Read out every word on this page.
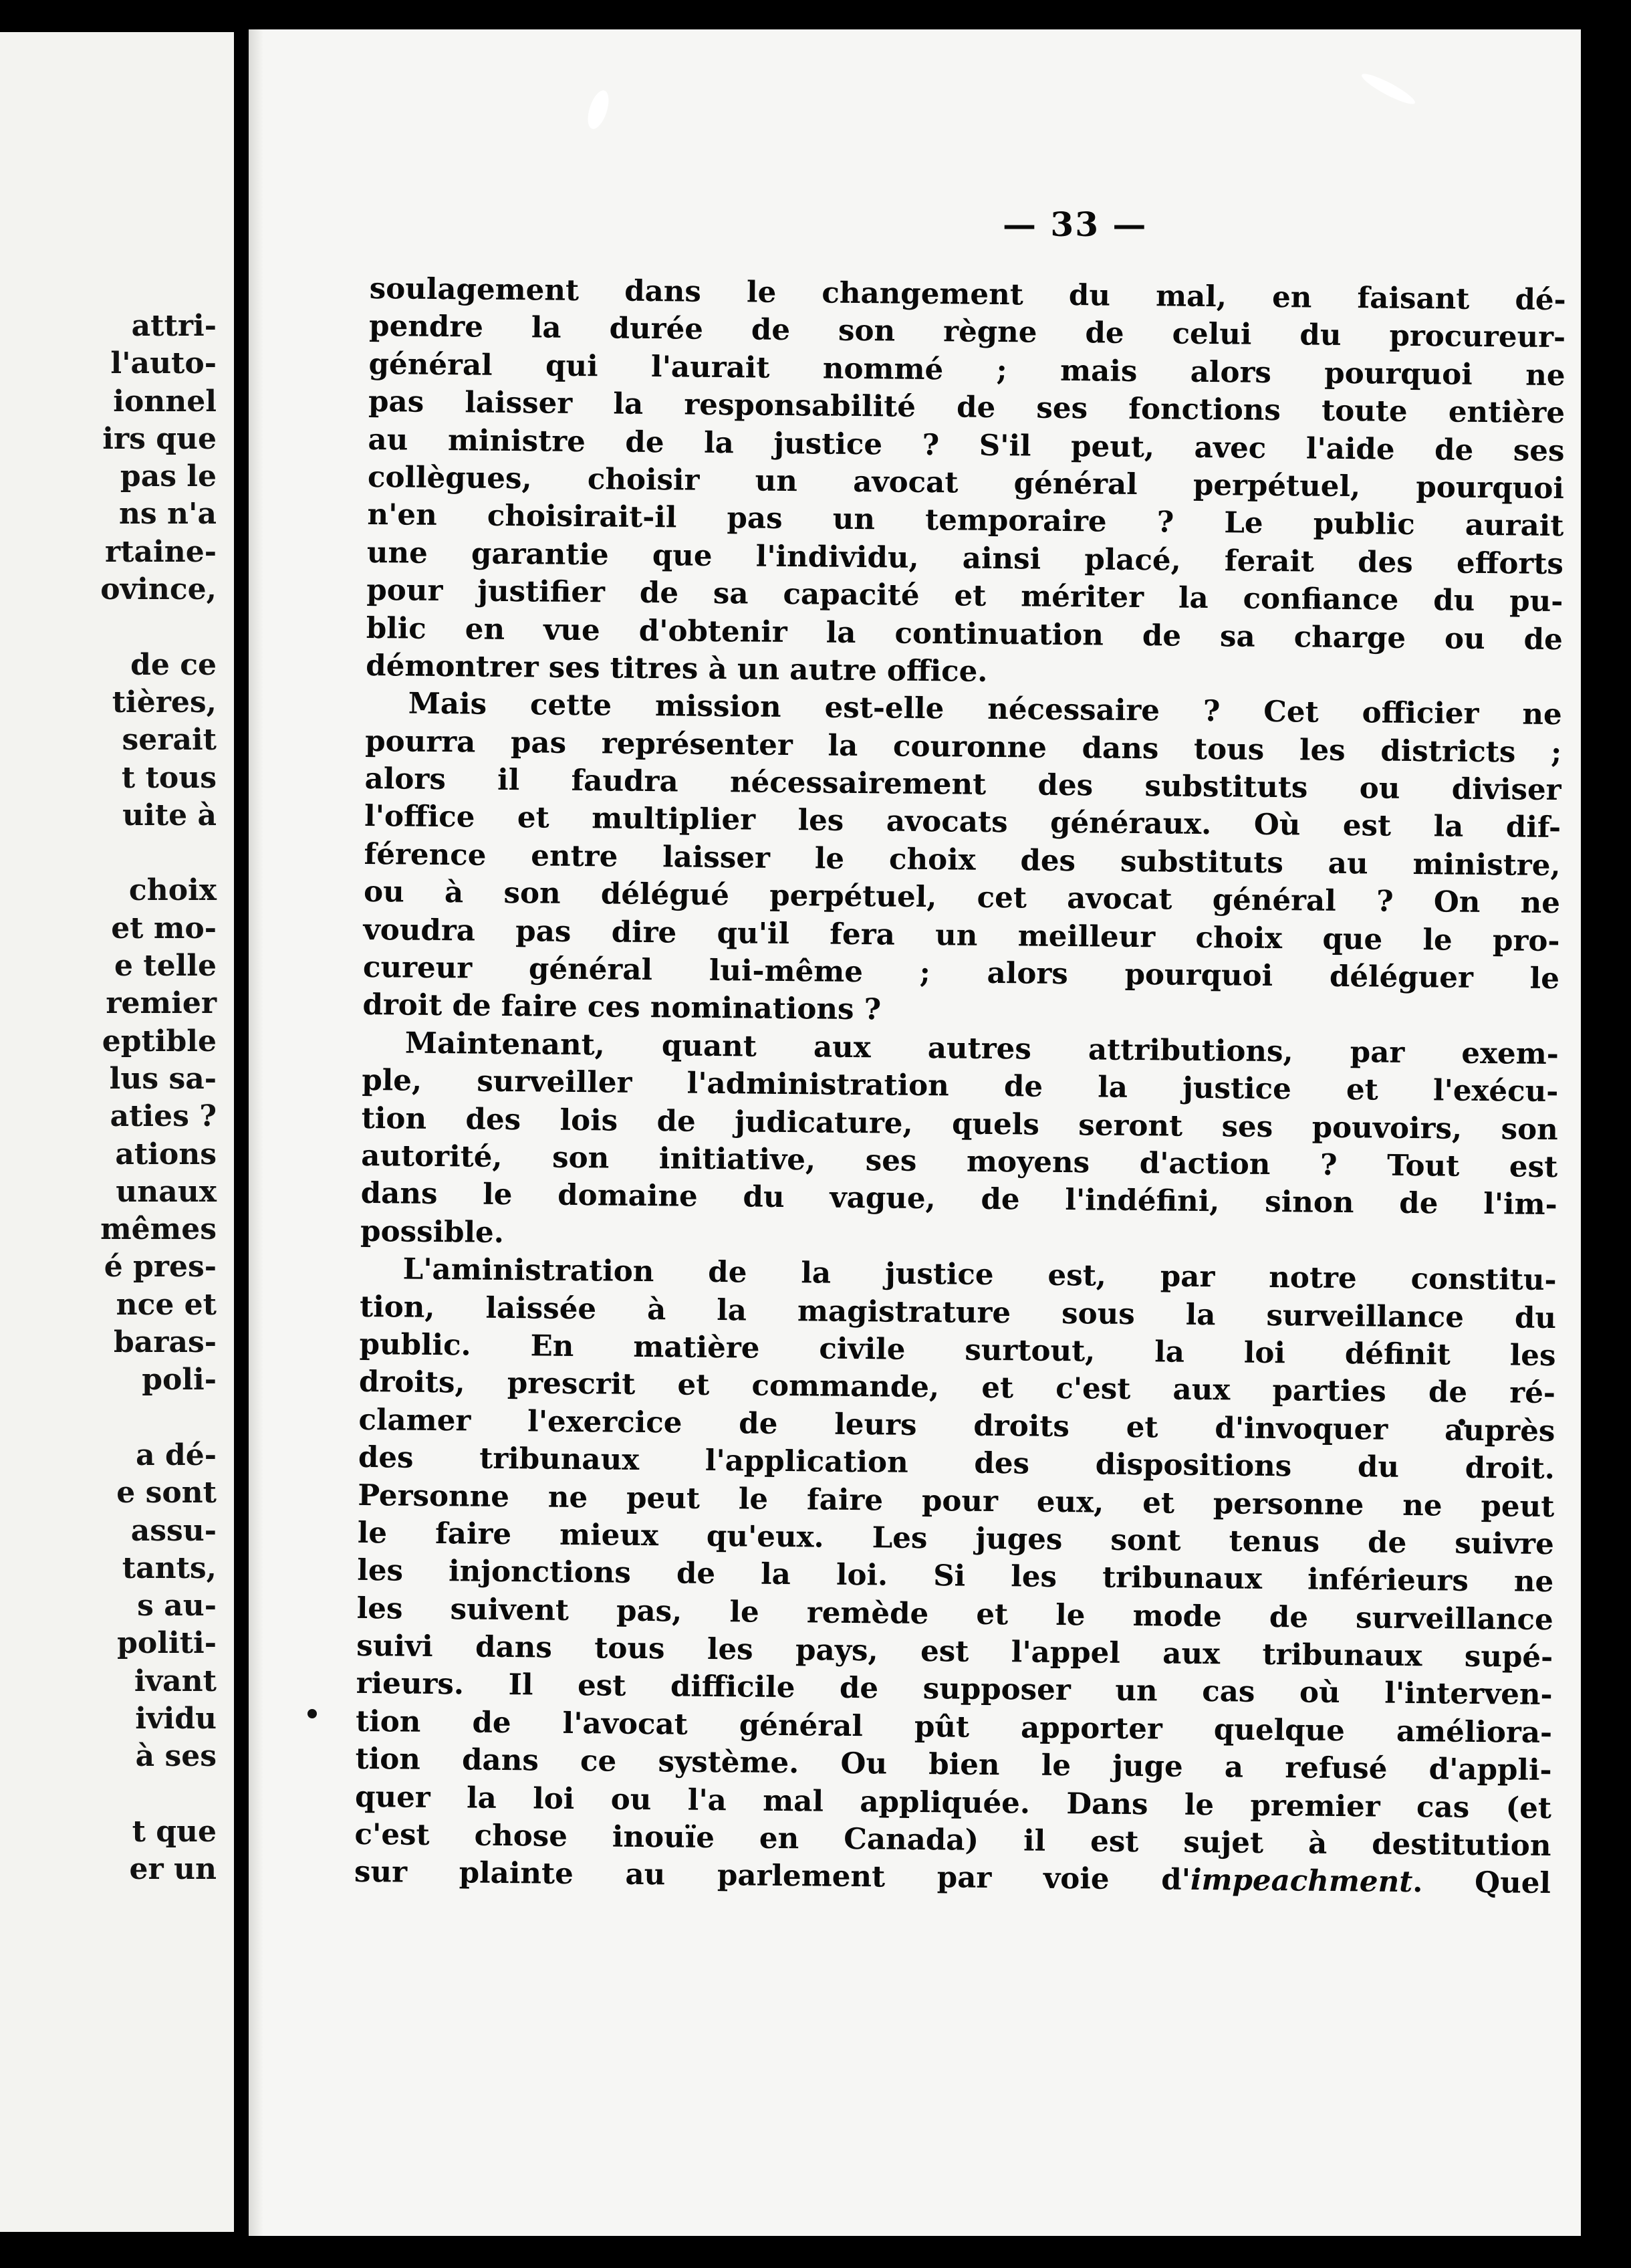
attri-
l'auto-
ionnel
irs que
pas le
ns n'a
rtaine-
ovince,

de ce
tières,
serait
t tous
uite à

choix
et mo-
e telle
remier
eptible
lus sa-
aties ?
ations
unaux
mêmes
é pres-
nce et
baras-
poli-

a dé-
e sont
assu-
tants,
s au-
politi-
ivant
ividu
à ses

t que
er un
— 33 —
soulagement dans le changement du mal, en faisant dé-
pendre la durée de son règne de celui du procureur-
général qui l'aurait nommé ; mais alors pourquoi ne
pas laisser la responsabilité de ses fonctions toute entière
au ministre de la justice ? S'il peut, avec l'aide de ses
collègues, choisir un avocat général perpétuel, pourquoi
n'en choisirait-il pas un temporaire ? Le public aurait
une garantie que l'individu, ainsi placé, ferait des efforts
pour justifier de sa capacité et mériter la confiance du pu-
blic en vue d'obtenir la continuation de sa charge ou de
démontrer ses titres à un autre office.
Mais cette mission est-elle nécessaire ? Cet officier ne
pourra pas représenter la couronne dans tous les districts ;
alors il faudra nécessairement des substituts ou diviser
l'office et multiplier les avocats généraux. Où est la dif-
férence entre laisser le choix des substituts au ministre,
ou à son délégué perpétuel, cet avocat général ? On ne
voudra pas dire qu'il fera un meilleur choix que le pro-
cureur général lui-même ; alors pourquoi déléguer le
droit de faire ces nominations ?
Maintenant, quant aux autres attributions, par exem-
ple, surveiller l'administration de la justice et l'exécu-
tion des lois de judicature, quels seront ses pouvoirs, son
autorité, son initiative, ses moyens d'action ? Tout est
dans le domaine du vague, de l'indéfini, sinon de l'im-
possible.
L'aministration de la justice est, par notre constitu-
tion, laissée à la magistrature sous la surveillance du
public. En matière civile surtout, la loi définit les
droits, prescrit et commande, et c'est aux parties de ré-
clamer l'exercice de leurs droits et d'invoquer auprès
des tribunaux l'application des dispositions du droit.
Personne ne peut le faire pour eux, et personne ne peut
le faire mieux qu'eux. Les juges sont tenus de suivre
les injonctions de la loi. Si les tribunaux inférieurs ne
les suivent pas, le remède et le mode de surveillance
suivi dans tous les pays, est l'appel aux tribunaux supé-
rieurs. Il est difficile de supposer un cas où l'interven-
tion de l'avocat général pût apporter quelque améliora-
tion dans ce système. Ou bien le juge a refusé d'appli-
quer la loi ou l'a mal appliquée. Dans le premier cas (et
c'est chose inouïe en Canada) il est sujet à destitution
sur plainte au parlement par voie d'impeachment. Quel
